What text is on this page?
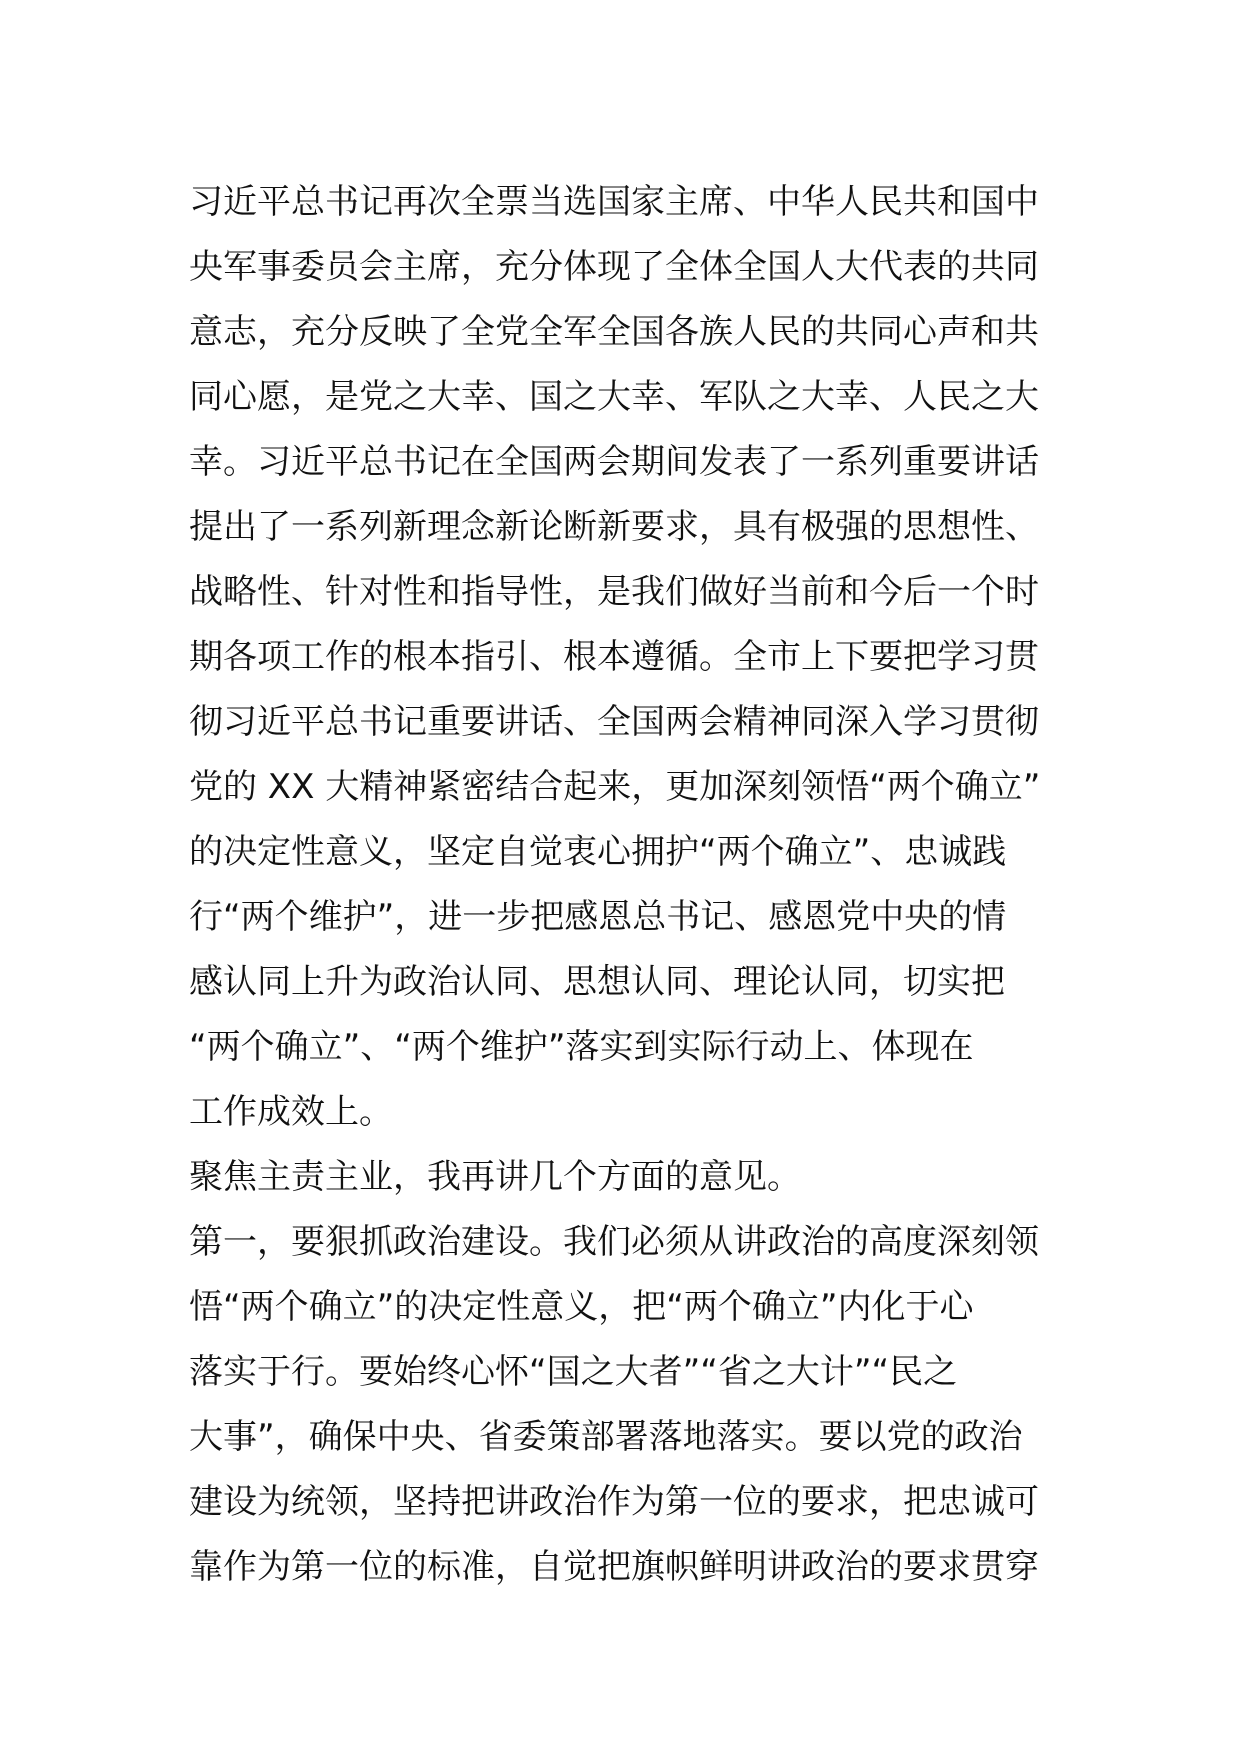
习近平总书记再次全票当选国家主席、中华人民共和国中
央军事委员会主席，充分体现了全体全国人大代表的共同
意志，充分反映了全党全军全国各族人民的共同心声和共
同心愿，是党之大幸、国之大幸、军队之大幸、人民之大
幸。习近平总书记在全国两会期间发表了一系列重要讲话
提出了一系列新理念新论断新要求，具有极强的思想性、
战略性、针对性和指导性，是我们做好当前和今后一个时
期各项工作的根本指引、根本遵循。全市上下要把学习贯
彻习近平总书记重要讲话、全国两会精神同深入学习贯彻
党的 XX 大精神紧密结合起来，更加深刻领悟“两个确立”
的决定性意义，坚定自觉衷心拥护“两个确立”、忠诚践
行“两个维护”，进一步把感恩总书记、感恩党中央的情
感认同上升为政治认同、思想认同、理论认同，切实把
“两个确立”、“两个维护”落实到实际行动上、体现在
工作成效上。
聚焦主责主业，我再讲几个方面的意见。
第一，要狠抓政治建设。我们必须从讲政治的高度深刻领
悟“两个确立”的决定性意义，把“两个确立”内化于心
落实于行。要始终心怀“国之大者”“省之大计”“民之
大事”，确保中央、省委策部署落地落实。要以党的政治
建设为统领，坚持把讲政治作为第一位的要求，把忠诚可
靠作为第一位的标准，自觉把旗帜鲜明讲政治的要求贯穿
